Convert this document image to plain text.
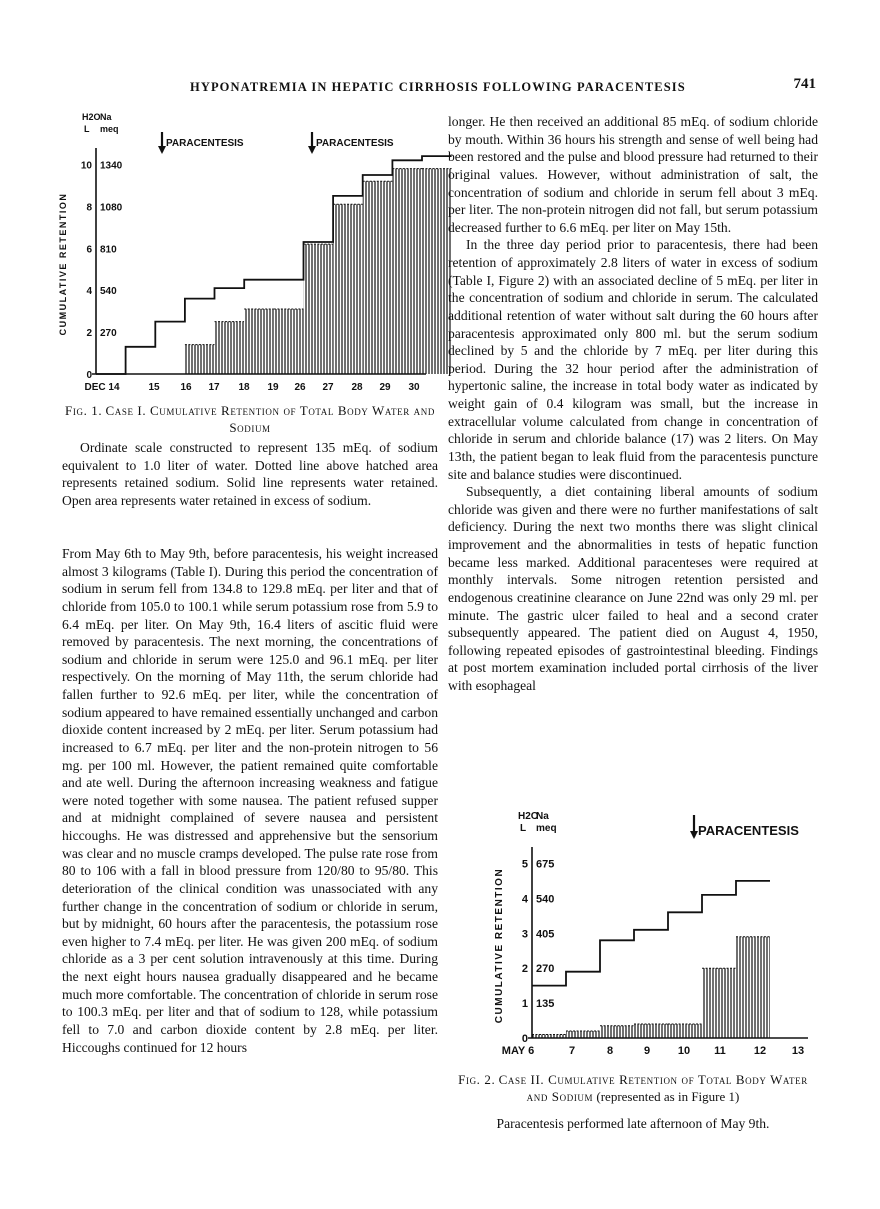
HYPONATREMIA IN HEPATIC CIRRHOSIS FOLLOWING PARACENTESIS	741
0
2
4
6
8
10
270
540
810
1080
1340
H2O
L
Na
meq
CUMULATIVE RETENTION
DEC 14	15 16 17 18 19 26 27 28 29 30
PARACENTESIS	PARACENTESIS
Fig. 1. Case I. Cumulative Retention of Total Body Water and Sodium
Ordinate scale constructed to represent 135 mEq. of sodium equivalent to 1.0 liter of water. Dotted line above hatched area represents retained sodium. Solid line represents water retained. Open area represents water retained in excess of sodium.

From May 6th to May 9th, before paracentesis, his weight increased almost 3 kilograms (Table I). During this period the concentration of sodium in serum fell from 134.8 to 129.8 mEq. per liter and that of chloride from 105.0 to 100.1 while serum potassium rose from 5.9 to 6.4 mEq. per liter. On May 9th, 16.4 liters of ascitic fluid were removed by paracentesis. The next morning, the concentrations of sodium and chloride in serum were 125.0 and 96.1 mEq. per liter respectively. On the morning of May 11th, the serum chloride had fallen further to 92.6 mEq. per liter, while the concentration of sodium appeared to have remained essentially unchanged and carbon dioxide content increased by 2 mEq. per liter. Serum potassium had increased to 6.7 mEq. per liter and the non-protein nitrogen to 56 mg. per 100 ml. However, the patient remained quite comfortable and ate well. During the afternoon increasing weakness and fatigue were noted together with some nausea. The patient refused supper and at midnight complained of severe nausea and persistent hiccoughs. He was distressed and apprehensive but the sensorium was clear and no muscle cramps developed. The pulse rate rose from 80 to 106 with a fall in blood pressure from 120/80 to 95/80. This deterioration of the clinical condition was unassociated with any further change in the concentration of sodium or chloride in serum, but by midnight, 60 hours after the paracentesis, the potassium rose even higher to 7.4 mEq. per liter. He was given 200 mEq. of sodium chloride as a 3 per cent solution intravenously at this time. During the next eight hours nausea gradually disappeared and he became much more comfortable. The concentration of chloride in serum rose to 100.3 mEq. per liter and that of sodium to 128, while potassium fell to 7.0 and carbon dioxide content by 2.8 mEq. per liter. Hiccoughs continued for 12 hours

longer. He then received an additional 85 mEq. of sodium chloride by mouth. Within 36 hours his strength and sense of well being had been restored and the pulse and blood pressure had returned to their original values. However, without administration of salt, the concentration of sodium and chloride in serum fell about 3 mEq. per liter. The non-protein nitrogen did not fall, but serum potassium decreased further to 6.6 mEq. per liter on May 15th.

In the three day period prior to paracentesis, there had been retention of approximately 2.8 liters of water in excess of sodium (Table I, Figure 2) with an associated decline of 5 mEq. per liter in the concentration of sodium and chloride in serum. The calculated additional retention of water without salt during the 60 hours after paracentesis approximated only 800 ml. but the serum sodium declined by 5 and the chloride by 7 mEq. per liter during this period. During the 32 hour period after the administration of hypertonic saline, the increase in total body water as indicated by weight gain of 0.4 kilogram was small, but the increase in extracellular volume calculated from change in concentration of chloride in serum and chloride balance (17) was 2 liters. On May 13th, the patient began to leak fluid from the paracentesis puncture site and balance studies were discontinued.

Subsequently, a diet containing liberal amounts of sodium chloride was given and there were no further manifestations of salt deficiency. During the next two months there was slight clinical improvement and the abnormalities in tests of hepatic function became less marked. Additional paracenteses were required at monthly intervals. Some nitrogen retention persisted and endogenous creatinine clearance on June 22nd was only 29 ml. per minute. The gastric ulcer failed to heal and a second crater subsequently appeared. The patient died on August 4, 1950, following repeated episodes of gastrointestinal bleeding. Findings at post mortem examination included portal cirrhosis of the liver with esophageal

0
1
2
3
4
5
135
270
405
540
675
H2O
L
Na
meq
CUMULATIVE RETENTION
MAY 6	7	8	9	10 11	12 13
PARACENTESIS
Fig. 2. Case II. Cumulative Retention of Total Body Water and Sodium (represented as in Figure 1)
Paracentesis performed late afternoon of May 9th.
